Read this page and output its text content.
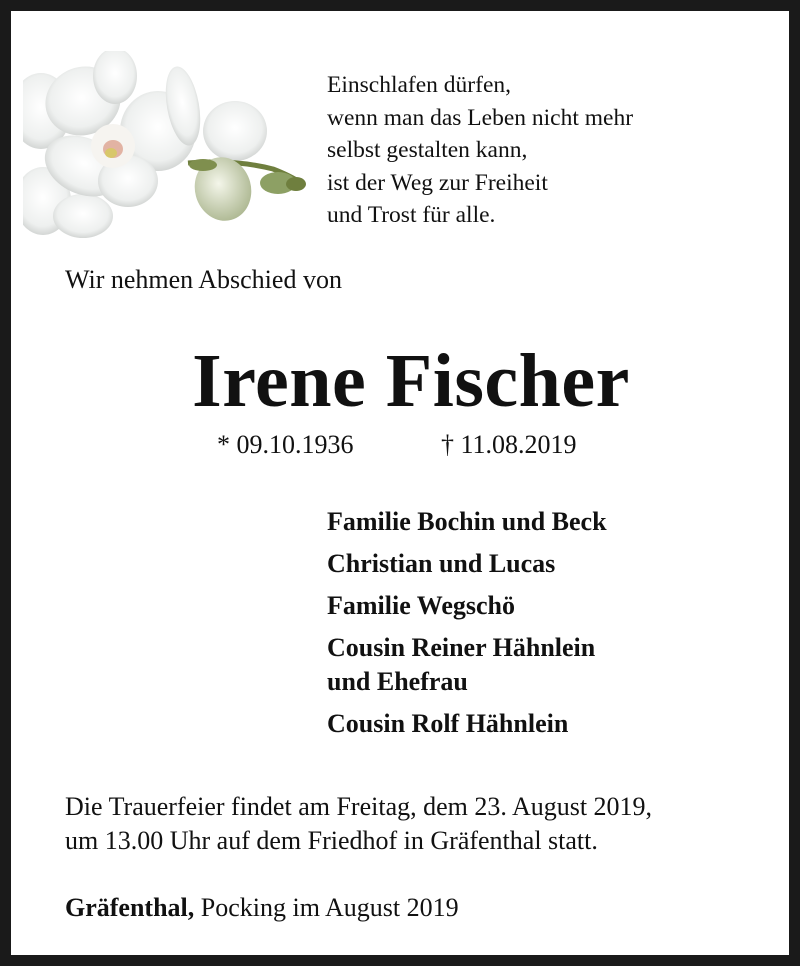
Einschlafen dürfen,
wenn man das Leben nicht mehr
selbst gestalten kann,
ist der Weg zur Freiheit
und Trost für alle.
Wir nehmen Abschied von
Irene Fischer
* 09.10.1936	† 11.08.2019
Familie Bochin und Beck
Christian und Lucas
Familie Wegschö
Cousin Reiner Hähnlein
und Ehefrau
Cousin Rolf Hähnlein
Die Trauerfeier findet am Freitag, dem 23. August 2019,
um 13.00 Uhr auf dem Friedhof in Gräfenthal statt.
Gräfenthal, Pocking im August 2019
